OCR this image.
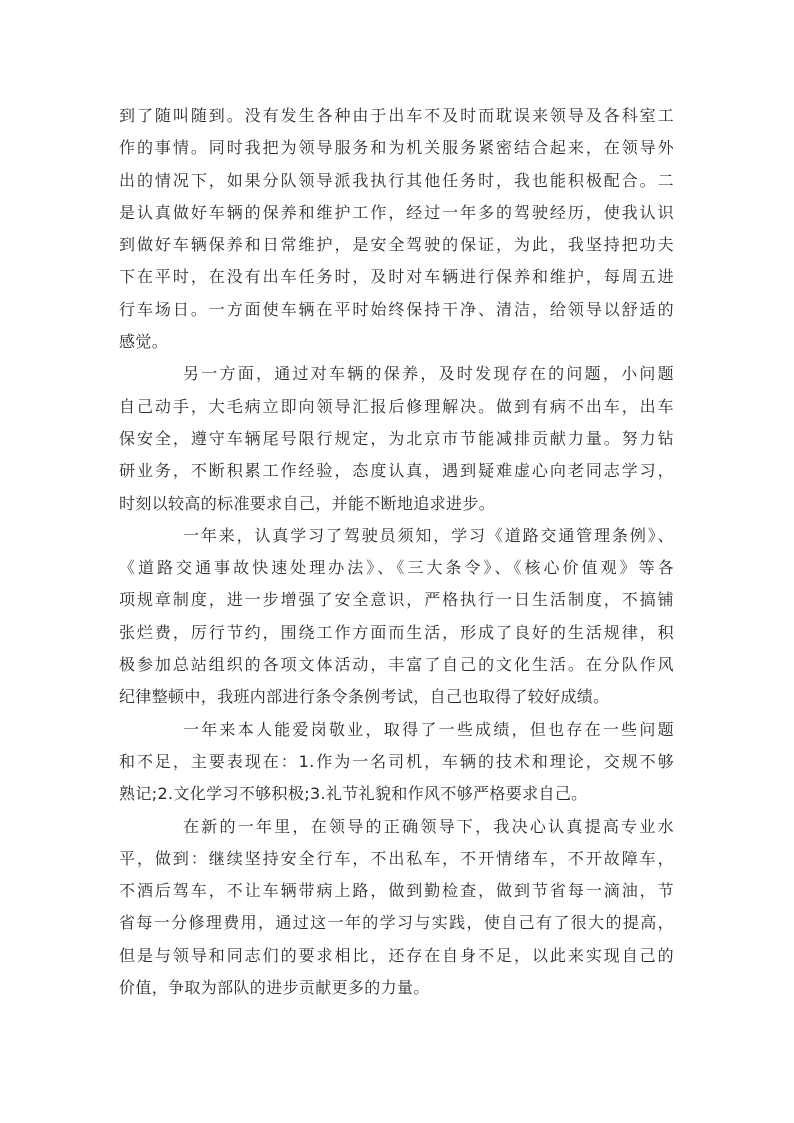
到了随叫随到。没有发生各种由于出车不及时而耽误来领导及各科室工
作的事情。同时我把为领导服务和为机关服务紧密结合起来，在领导外
出的情况下，如果分队领导派我执行其他任务时，我也能积极配合。二
是认真做好车辆的保养和维护工作，经过一年多的驾驶经历，使我认识
到做好车辆保养和日常维护，是安全驾驶的保证，为此，我坚持把功夫
下在平时，在没有出车任务时，及时对车辆进行保养和维护，每周五进
行车场日。一方面使车辆在平时始终保持干净、清洁，给领导以舒适的
感觉。
另一方面，通过对车辆的保养，及时发现存在的问题，小问题
自己动手，大毛病立即向领导汇报后修理解决。做到有病不出车，出车
保安全，遵守车辆尾号限行规定，为北京市节能减排贡献力量。努力钻
研业务，不断积累工作经验，态度认真，遇到疑难虚心向老同志学习，
时刻以较高的标准要求自己，并能不断地追求进步。
一年来，认真学习了驾驶员须知，学习《道路交通管理条例》、
《道路交通事故快速处理办法》、《三大条令》、《核心价值观》等各
项规章制度，进一步增强了安全意识，严格执行一日生活制度，不搞铺
张烂费，厉行节约，围绕工作方面而生活，形成了良好的生活规律，积
极参加总站组织的各项文体活动，丰富了自己的文化生活。在分队作风
纪律整顿中，我班内部进行条令条例考试，自己也取得了较好成绩。
一年来本人能爱岗敬业，取得了一些成绩，但也存在一些问题
和不足，主要表现在：1.作为一名司机，车辆的技术和理论，交规不够
熟记;2.文化学习不够积极;3.礼节礼貌和作风不够严格要求自己。
在新的一年里，在领导的正确领导下，我决心认真提高专业水
平，做到：继续坚持安全行车，不出私车，不开情绪车，不开故障车，
不酒后驾车，不让车辆带病上路，做到勤检查，做到节省每一滴油，节
省每一分修理费用，通过这一年的学习与实践，使自己有了很大的提高，
但是与领导和同志们的要求相比，还存在自身不足，以此来实现自己的
价值，争取为部队的进步贡献更多的力量。
